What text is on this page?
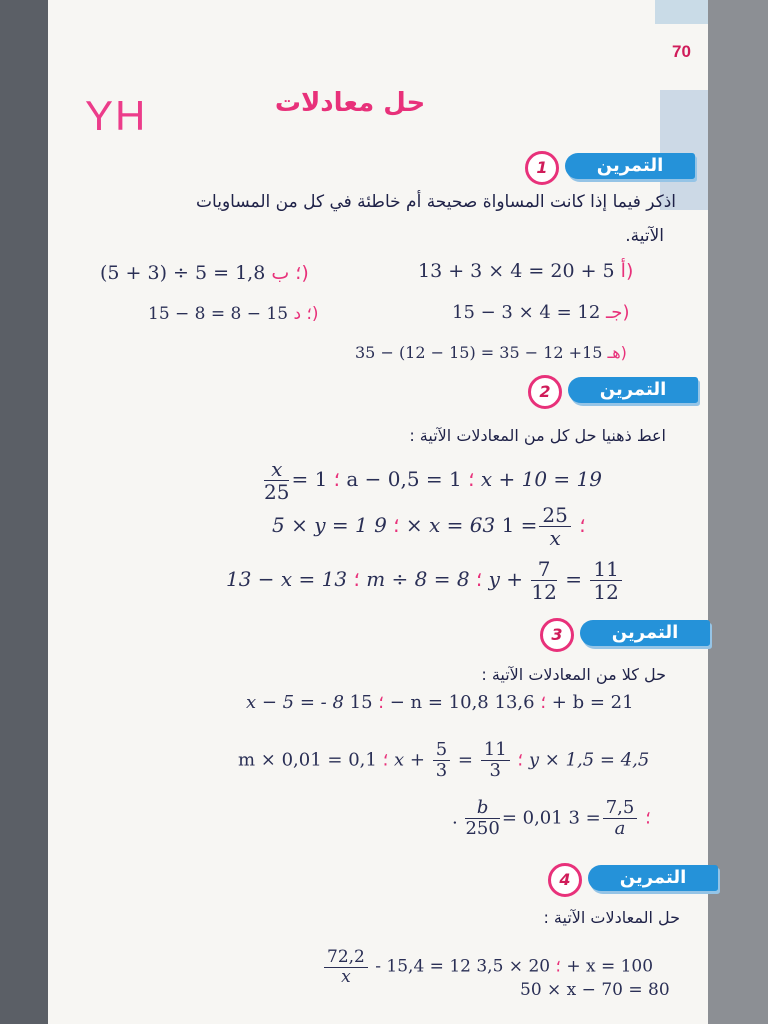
70
YH	حل معادلات
1	التمرين
اذكر فيما إذا كانت المساواة صحيحة أم خاطئة في كل من المساويات
الآتية.
13 + 3 × 4 = 20 + 5 أ)
(5 + 3) ÷ 5 = 1,8 ؛ ب)
15 − 3 × 4 = 12 جـ)
15 − 8 = 8 − 15 ؛ د)
35 − (12 − 15) = 35 − 12 +15 هـ)
2	التمرين
اعط ذهنيا حل كل من المعادلات الآتية :
$\frac{x}{25} = 1$ ؛ a − 0,5 = 1 ؛ x + 10 = 19
5 × y = 1 ؛ 9 × x = 63	؛
$\frac{25}{x}$
= 1
13 − x = 13 ؛ m ÷ 8 = 8 ؛ $y + \frac{7}{12} = \frac{11}{12}$
3	التمرين
حل كلا من المعادلات الآتية :
x − 5 = - 8 ؛ 15 − n = 10,8	؛ 13,6 + b = 21
m × 0,01 = 0,1 ؛ $x + \frac{5}{3} = \frac{11}{3}$ ؛ y × 1,5 = 4,5
. $\frac{b}{250} = 0,01$	؛
$\frac{7,5}{a}$
= 3
4	التمرين
حل المعادلات الآتية :
$\frac{72,2}{x} - 15,4 = 12$	؛ 20 × 3,5 + x = 100
50 × x − 70 = 80
